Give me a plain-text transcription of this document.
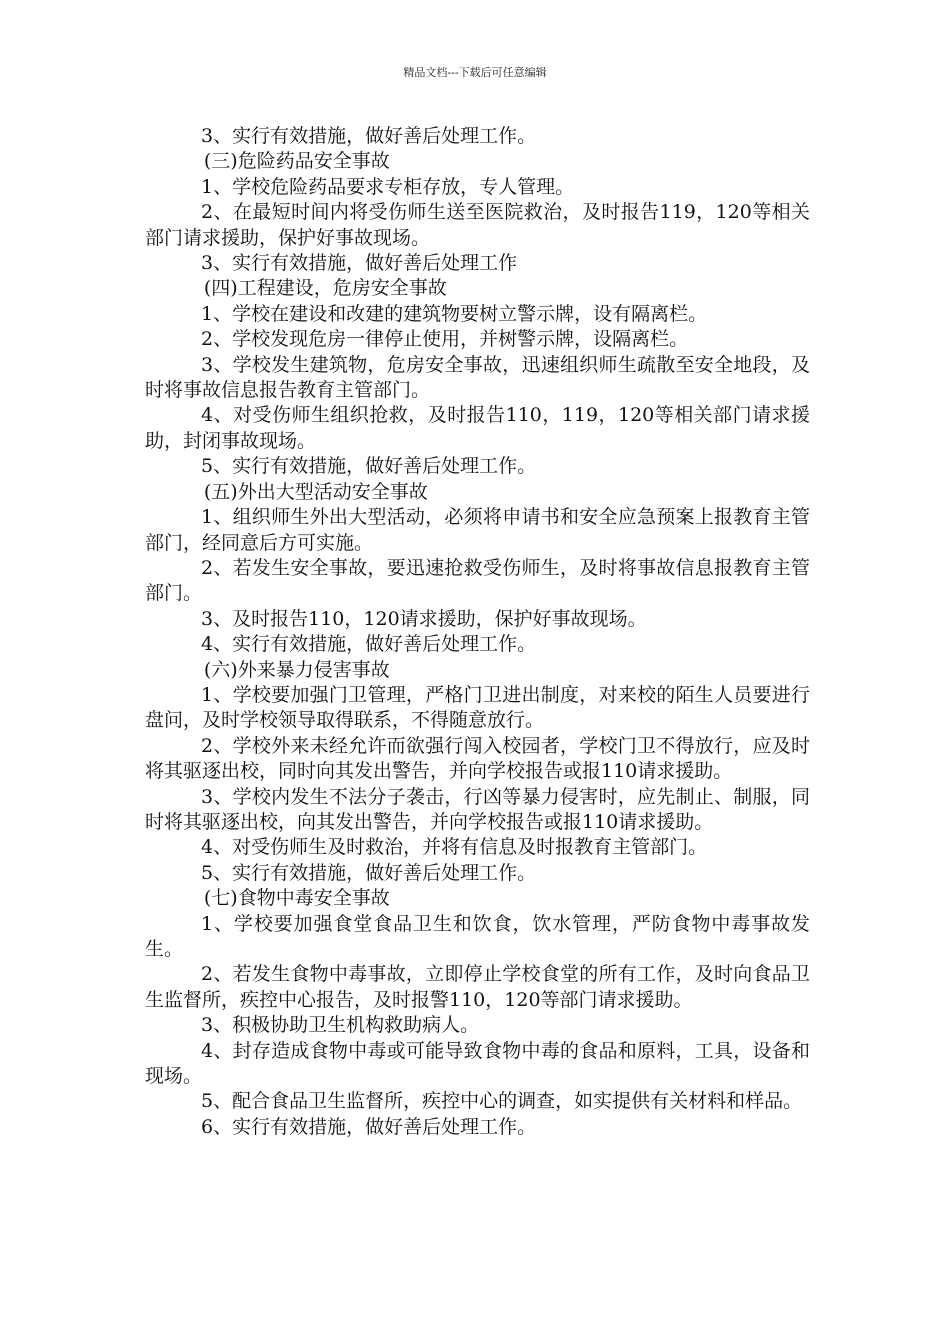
精品文档---下载后可任意编辑

3、实行有效措施，做好善后处理工作。

(三)危险药品安全事故

1、学校危险药品要求专柜存放，专人管理。

2、在最短时间内将受伤师生送至医院救治，及时报告119，120等相关部门请求援助，保护好事故现场。

3、实行有效措施，做好善后处理工作

(四)工程建设，危房安全事故

1、学校在建设和改建的建筑物要树立警示牌，设有隔离栏。

2、学校发现危房一律停止使用，并树警示牌，设隔离栏。

3、学校发生建筑物，危房安全事故，迅速组织师生疏散至安全地段，及时将事故信息报告教育主管部门。

4、对受伤师生组织抢救，及时报告110，119，120等相关部门请求援助，封闭事故现场。

5、实行有效措施，做好善后处理工作。

(五)外出大型活动安全事故

1、组织师生外出大型活动，必须将申请书和安全应急预案上报教育主管部门，经同意后方可实施。

2、若发生安全事故，要迅速抢救受伤师生，及时将事故信息报教育主管部门。

3、及时报告110，120请求援助，保护好事故现场。

4、实行有效措施，做好善后处理工作。

(六)外来暴力侵害事故

1、学校要加强门卫管理，严格门卫进出制度，对来校的陌生人员要进行盘问，及时学校领导取得联系，不得随意放行。

2、学校外来未经允许而欲强行闯入校园者，学校门卫不得放行，应及时将其驱逐出校，同时向其发出警告，并向学校报告或报110请求援助。

3、学校内发生不法分子袭击，行凶等暴力侵害时，应先制止、制服，同时将其驱逐出校，向其发出警告，并向学校报告或报110请求援助。

4、对受伤师生及时救治，并将有信息及时报教育主管部门。

5、实行有效措施，做好善后处理工作。

(七)食物中毒安全事故

1、学校要加强食堂食品卫生和饮食，饮水管理，严防食物中毒事故发生。

2、若发生食物中毒事故，立即停止学校食堂的所有工作，及时向食品卫生监督所，疾控中心报告，及时报警110，120等部门请求援助。

3、积极协助卫生机构救助病人。

4、封存造成食物中毒或可能导致食物中毒的食品和原料，工具，设备和现场。

5、配合食品卫生监督所，疾控中心的调查，如实提供有关材料和样品。

6、实行有效措施，做好善后处理工作。
